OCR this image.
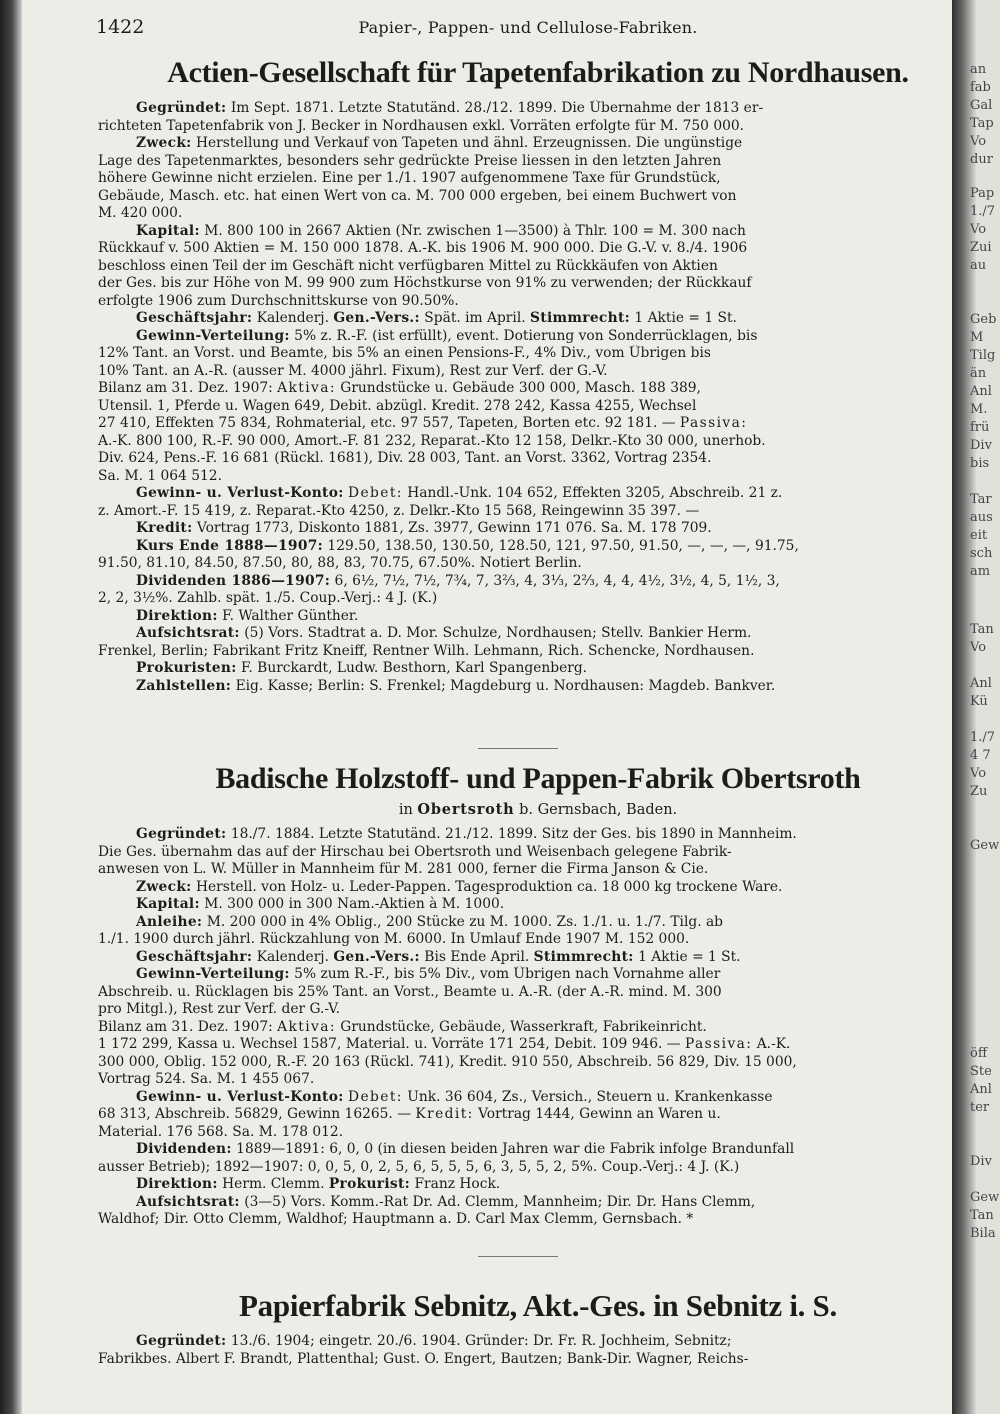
an
fab
Gal
Tap
Vo
dur
Pap
1./7
Vo
Zui
au
Geb
M
Tilg
än
Anl
M.
frü
Div
bis
Tar
aus
eit
sch
am
Tan
Vo
Anl
Kü
1./7
4 7
Vo
Zu
Gew
öff
Ste
Anl
ter
Div
Gew
Tan
Bila
1422	Papier-, Pappen- und Cellulose-Fabriken.
Actien-Gesellschaft für Tapetenfabrikation zu Nordhausen.
Gegründet: Im Sept. 1871. Letzte Statutänd. 28./12. 1899. Die Übernahme der 1813 er-
richteten Tapetenfabrik von J. Becker in Nordhausen exkl. Vorräten erfolgte für M. 750 000.
Zweck: Herstellung und Verkauf von Tapeten und ähnl. Erzeugnissen. Die ungünstige
Lage des Tapetenmarktes, besonders sehr gedrückte Preise liessen in den letzten Jahren
höhere Gewinne nicht erzielen. Eine per 1./1. 1907 aufgenommene Taxe für Grundstück,
Gebäude, Masch. etc. hat einen Wert von ca. M. 700 000 ergeben, bei einem Buchwert von
M. 420 000.
Kapital: M. 800 100 in 2667 Aktien (Nr. zwischen 1—3500) à Thlr. 100 = M. 300 nach
Rückkauf v. 500 Aktien = M. 150 000 1878. A.-K. bis 1906 M. 900 000. Die G.-V. v. 8./4. 1906
beschloss einen Teil der im Geschäft nicht verfügbaren Mittel zu Rückkäufen von Aktien
der Ges. bis zur Höhe von M. 99 900 zum Höchstkurse von 91% zu verwenden; der Rückkauf
erfolgte 1906 zum Durchschnittskurse von 90.50%.
Geschäftsjahr: Kalenderj. Gen.-Vers.: Spät. im April. Stimmrecht: 1 Aktie = 1 St.
Gewinn-Verteilung: 5% z. R.-F. (ist erfüllt), event. Dotierung von Sonderrücklagen, bis
12% Tant. an Vorst. und Beamte, bis 5% an einen Pensions-F., 4% Div., vom Übrigen bis
10% Tant. an A.-R. (ausser M. 4000 jährl. Fixum), Rest zur Verf. der G.-V.
Bilanz am 31. Dez. 1907: Aktiva: Grundstücke u. Gebäude 300 000, Masch. 188 389,
Utensil. 1, Pferde u. Wagen 649, Debit. abzügl. Kredit. 278 242, Kassa 4255, Wechsel
27 410, Effekten 75 834, Rohmaterial, etc. 97 557, Tapeten, Borten etc. 92 181. — Passiva:
A.-K. 800 100, R.-F. 90 000, Amort.-F. 81 232, Reparat.-Kto 12 158, Delkr.-Kto 30 000, unerhob.
Div. 624, Pens.-F. 16 681 (Rückl. 1681), Div. 28 003, Tant. an Vorst. 3362, Vortrag 2354.
Sa. M. 1 064 512.
Gewinn- u. Verlust-Konto: Debet: Handl.-Unk. 104 652, Effekten 3205, Abschreib. 21 z.
z. Amort.-F. 15 419, z. Reparat.-Kto 4250, z. Delkr.-Kto 15 568, Reingewinn 35 397. —
Kredit: Vortrag 1773, Diskonto 1881, Zs. 3977, Gewinn 171 076. Sa. M. 178 709.
Kurs Ende 1888—1907: 129.50, 138.50, 130.50, 128.50, 121, 97.50, 91.50, —, —, —, 91.75,
91.50, 81.10, 84.50, 87.50, 80, 88, 83, 70.75, 67.50%. Notiert Berlin.
Dividenden 1886—1907: 6, 6½, 7½, 7½, 7¾, 7, 3⅔, 4, 3⅓, 2⅔, 4, 4, 4½, 3½, 4, 5, 1½, 3,
2, 2, 3½%. Zahlb. spät. 1./5. Coup.-Verj.: 4 J. (K.)
Direktion: F. Walther Günther.
Aufsichtsrat: (5) Vors. Stadtrat a. D. Mor. Schulze, Nordhausen; Stellv. Bankier Herm.
Frenkel, Berlin; Fabrikant Fritz Kneiff, Rentner Wilh. Lehmann, Rich. Schencke, Nordhausen.
Prokuristen: F. Burckardt, Ludw. Besthorn, Karl Spangenberg.
Zahlstellen: Eig. Kasse; Berlin: S. Frenkel; Magdeburg u. Nordhausen: Magdeb. Bankver.
Badische Holzstoff- und Pappen-Fabrik Obertsroth
in Obertsroth b. Gernsbach, Baden.
Gegründet: 18./7. 1884. Letzte Statutänd. 21./12. 1899. Sitz der Ges. bis 1890 in Mannheim.
Die Ges. übernahm das auf der Hirschau bei Obertsroth und Weisenbach gelegene Fabrik-
anwesen von L. W. Müller in Mannheim für M. 281 000, ferner die Firma Janson & Cie.
Zweck: Herstell. von Holz- u. Leder-Pappen. Tagesproduktion ca. 18 000 kg trockene Ware.
Kapital: M. 300 000 in 300 Nam.-Aktien à M. 1000.
Anleihe: M. 200 000 in 4% Oblig., 200 Stücke zu M. 1000. Zs. 1./1. u. 1./7. Tilg. ab
1./1. 1900 durch jährl. Rückzahlung von M. 6000. In Umlauf Ende 1907 M. 152 000.
Geschäftsjahr: Kalenderj. Gen.-Vers.: Bis Ende April. Stimmrecht: 1 Aktie = 1 St.
Gewinn-Verteilung: 5% zum R.-F., bis 5% Div., vom Übrigen nach Vornahme aller
Abschreib. u. Rücklagen bis 25% Tant. an Vorst., Beamte u. A.-R. (der A.-R. mind. M. 300
pro Mitgl.), Rest zur Verf. der G.-V.
Bilanz am 31. Dez. 1907: Aktiva: Grundstücke, Gebäude, Wasserkraft, Fabrikeinricht.
1 172 299, Kassa u. Wechsel 1587, Material. u. Vorräte 171 254, Debit. 109 946. — Passiva: A.-K.
300 000, Oblig. 152 000, R.-F. 20 163 (Rückl. 741), Kredit. 910 550, Abschreib. 56 829, Div. 15 000,
Vortrag 524. Sa. M. 1 455 067.
Gewinn- u. Verlust-Konto: Debet: Unk. 36 604, Zs., Versich., Steuern u. Krankenkasse
68 313, Abschreib. 56829, Gewinn 16265. — Kredit: Vortrag 1444, Gewinn an Waren u.
Material. 176 568. Sa. M. 178 012.
Dividenden: 1889—1891: 6, 0, 0 (in diesen beiden Jahren war die Fabrik infolge Brandunfall
ausser Betrieb); 1892—1907: 0, 0, 5, 0, 2, 5, 6, 5, 5, 5, 6, 3, 5, 5, 2, 5%. Coup.-Verj.: 4 J. (K.)
Direktion: Herm. Clemm. Prokurist: Franz Hock.
Aufsichtsrat: (3—5) Vors. Komm.-Rat Dr. Ad. Clemm, Mannheim; Dir. Dr. Hans Clemm,
Waldhof; Dir. Otto Clemm, Waldhof; Hauptmann a. D. Carl Max Clemm, Gernsbach. *
Papierfabrik Sebnitz, Akt.-Ges. in Sebnitz i. S.
Gegründet: 13./6. 1904; eingetr. 20./6. 1904. Gründer: Dr. Fr. R. Jochheim, Sebnitz;
Fabrikbes. Albert F. Brandt, Plattenthal; Gust. O. Engert, Bautzen; Bank-Dir. Wagner, Reichs-
